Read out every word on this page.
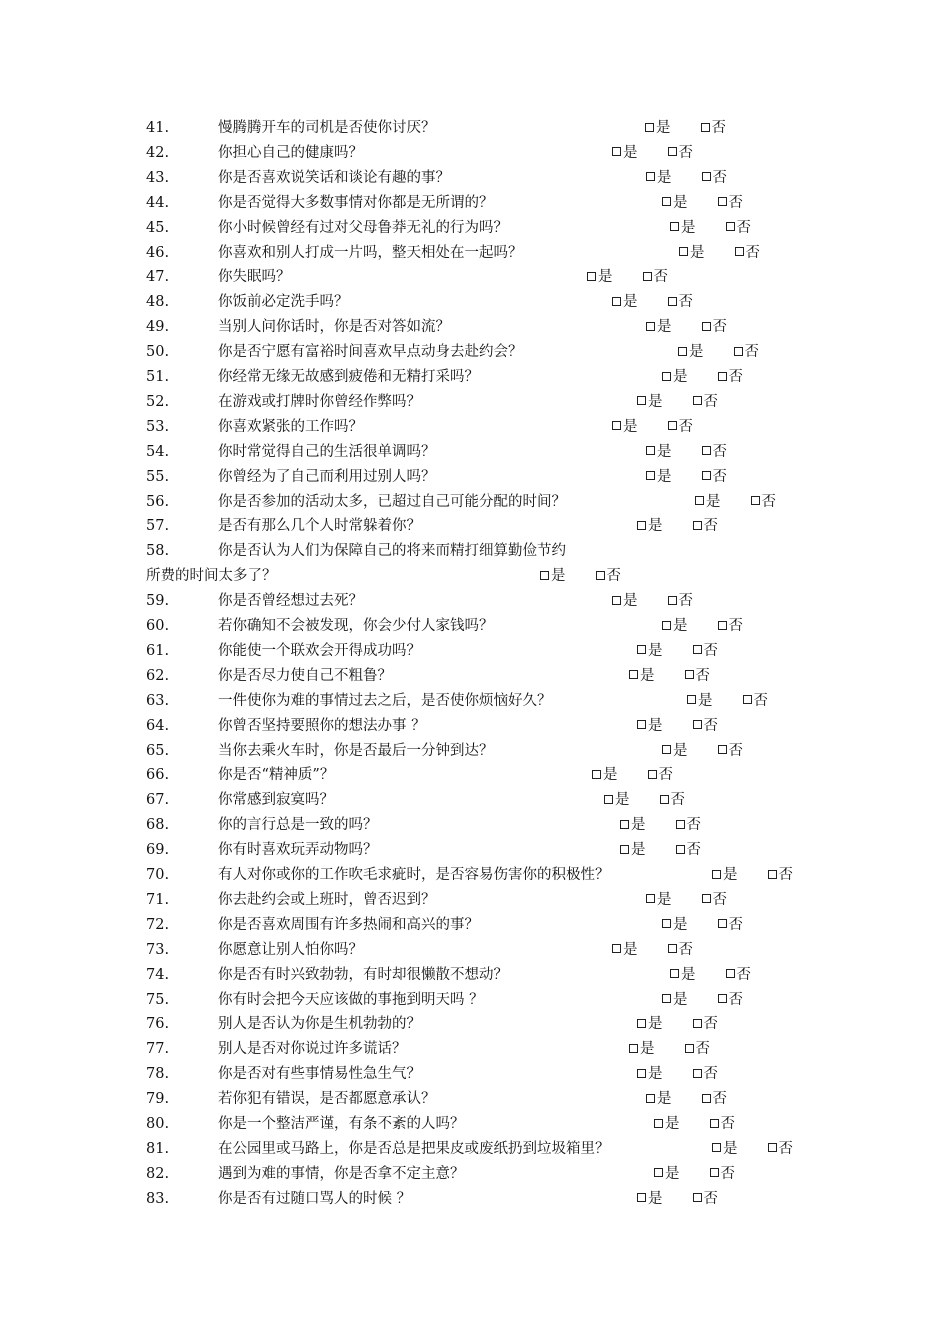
41.	慢腾腾开车的司机是否使你讨厌？	是	否
42.	你担心自己的健康吗？	是	否
43.	你是否喜欢说笑话和谈论有趣的事？	是	否
44.	你是否觉得大多数事情对你都是无所谓的？	是	否
45.	你小时候曾经有过对父母鲁莽无礼的行为吗？	是	否
46.	你喜欢和别人打成一片吗，整天相处在一起吗？	是	否
47.	你失眠吗？	是	否
48.	你饭前必定洗手吗？	是	否
49.	当别人问你话时，你是否对答如流？	是	否
50.	你是否宁愿有富裕时间喜欢早点动身去赴约会？	是	否
51.	你经常无缘无故感到疲倦和无精打采吗？	是	否
52.	在游戏或打牌时你曾经作弊吗？	是	否
53.	你喜欢紧张的工作吗？	是	否
54.	你时常觉得自己的生活很单调吗？	是	否
55.	你曾经为了自己而利用过别人吗？	是	否
56.	你是否参加的活动太多，已超过自己可能分配的时间？	是	否
57.	是否有那么几个人时常躲着你？	是	否
58.	你是否认为人们为保障自己的将来而精打细算勤俭节约
所费的时间太多了？	是	否
59.	你是否曾经想过去死？	是	否
60.	若你确知不会被发现，你会少付人家钱吗？	是	否
61.	你能使一个联欢会开得成功吗？	是	否
62.	你是否尽力使自己不粗鲁？	是	否
63.	一件使你为难的事情过去之后，是否使你烦恼好久？	是	否
64.	你曾否坚持要照你的想法办事 ？	是	否
65.	当你去乘火车时，你是否最后一分钟到达？	是	否
66.	你是否“精神质”？	是	否
67.	你常感到寂寞吗？	是	否
68.	你的言行总是一致的吗？	是	否
69.	你有时喜欢玩弄动物吗？	是	否
70.	有人对你或你的工作吹毛求疵时，是否容易伤害你的积极性？	是	否
71.	你去赴约会或上班时，曾否迟到？	是	否
72.	你是否喜欢周围有许多热闹和高兴的事？	是	否
73.	你愿意让别人怕你吗？	是	否
74.	你是否有时兴致勃勃，有时却很懒散不想动？	是	否
75.	你有时会把今天应该做的事拖到明天吗 ？	是	否
76.	别人是否认为你是生机勃勃的？	是	否
77.	别人是否对你说过许多谎话？	是	否
78.	你是否对有些事情易性急生气？	是	否
79.	若你犯有错误，是否都愿意承认？	是	否
80.	你是一个整洁严谨，有条不紊的人吗？	是	否
81.	在公园里或马路上，你是否总是把果皮或废纸扔到垃圾箱里？	是	否
82.	遇到为难的事情，你是否拿不定主意？	是	否
83.	你是否有过随口骂人的时候 ？	是	否
